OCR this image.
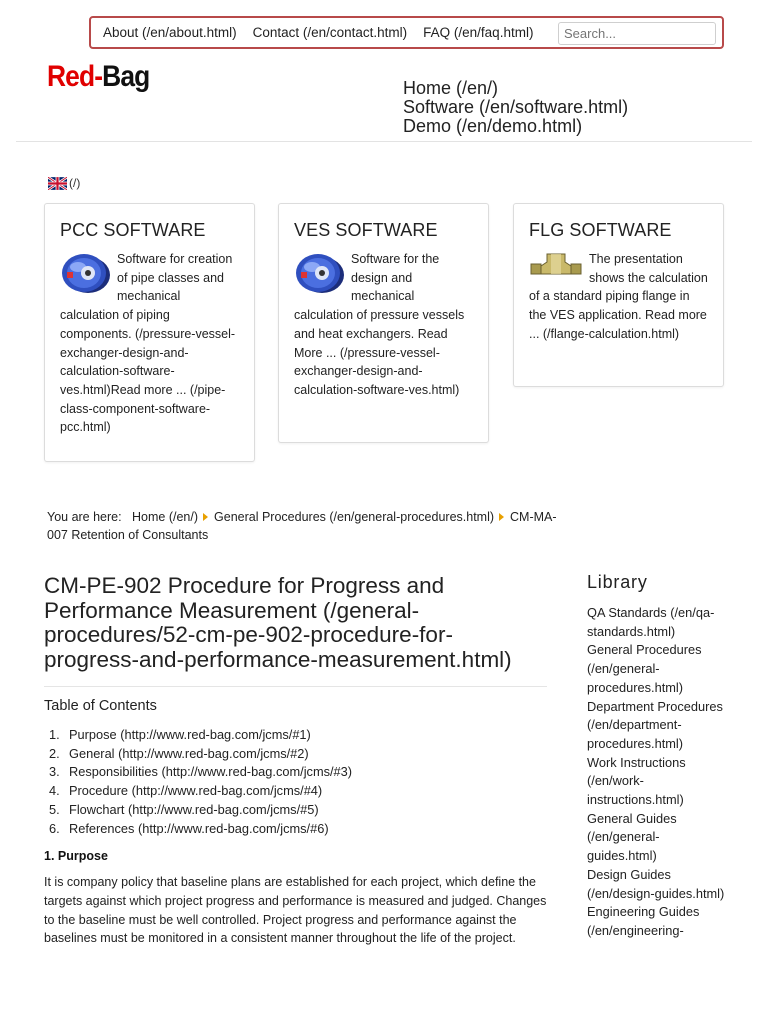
About (/en/about.html) Contact (/en/contact.html) FAQ (/en/faq.html)
Search...
Red-Bag	Home (/en/)
Software (/en/software.html)
Demo (/en/demo.html)
(/)
PCC SOFTWARE
Software for creation of pipe classes and mechanical calculation of piping components. (/pressure-vessel-exchanger-design-and-calculation-software-ves.html)Read more ... (/pipe-class-component-software-pcc.html)
VES SOFTWARE
Software for the design and mechanical calculation of pressure vessels and heat exchangers. Read More ... (/pressure-vessel-exchanger-design-and-calculation-software-ves.html)
FLG SOFTWARE
The presentation shows the calculation of a standard piping flange in the VES application. Read more ... (/flange-calculation.html)
You are here: Home (/en/) General Procedures (/en/general-procedures.html) CM-MA-007 Retention of Consultants
CM-PE-902 Procedure for Progress and Performance Measurement (/general-procedures/52-cm-pe-902-procedure-for-progress-and-performance-measurement.html)
Table of Contents
1. Purpose (http://www.red-bag.com/jcms/#1)
2. General (http://www.red-bag.com/jcms/#2)
3. Responsibilities (http://www.red-bag.com/jcms/#3)
4. Procedure (http://www.red-bag.com/jcms/#4)
5. Flowchart (http://www.red-bag.com/jcms/#5)
6. References (http://www.red-bag.com/jcms/#6)
1. Purpose

It is company policy that baseline plans are established for each project, which define the targets against which project progress and performance is measured and judged. Changes to the baseline must be well controlled. Project progress and performance against the baselines must be monitored in a consistent manner throughout the life of the project.

Library
QA Standards (/en/qa-standards.html)
General Procedures (/en/general-procedures.html)
Department Procedures (/en/department-procedures.html)
Work Instructions (/en/work-instructions.html)
General Guides (/en/general-guides.html)
Design Guides (/en/design-guides.html)
Engineering Guides (/en/engineering-
